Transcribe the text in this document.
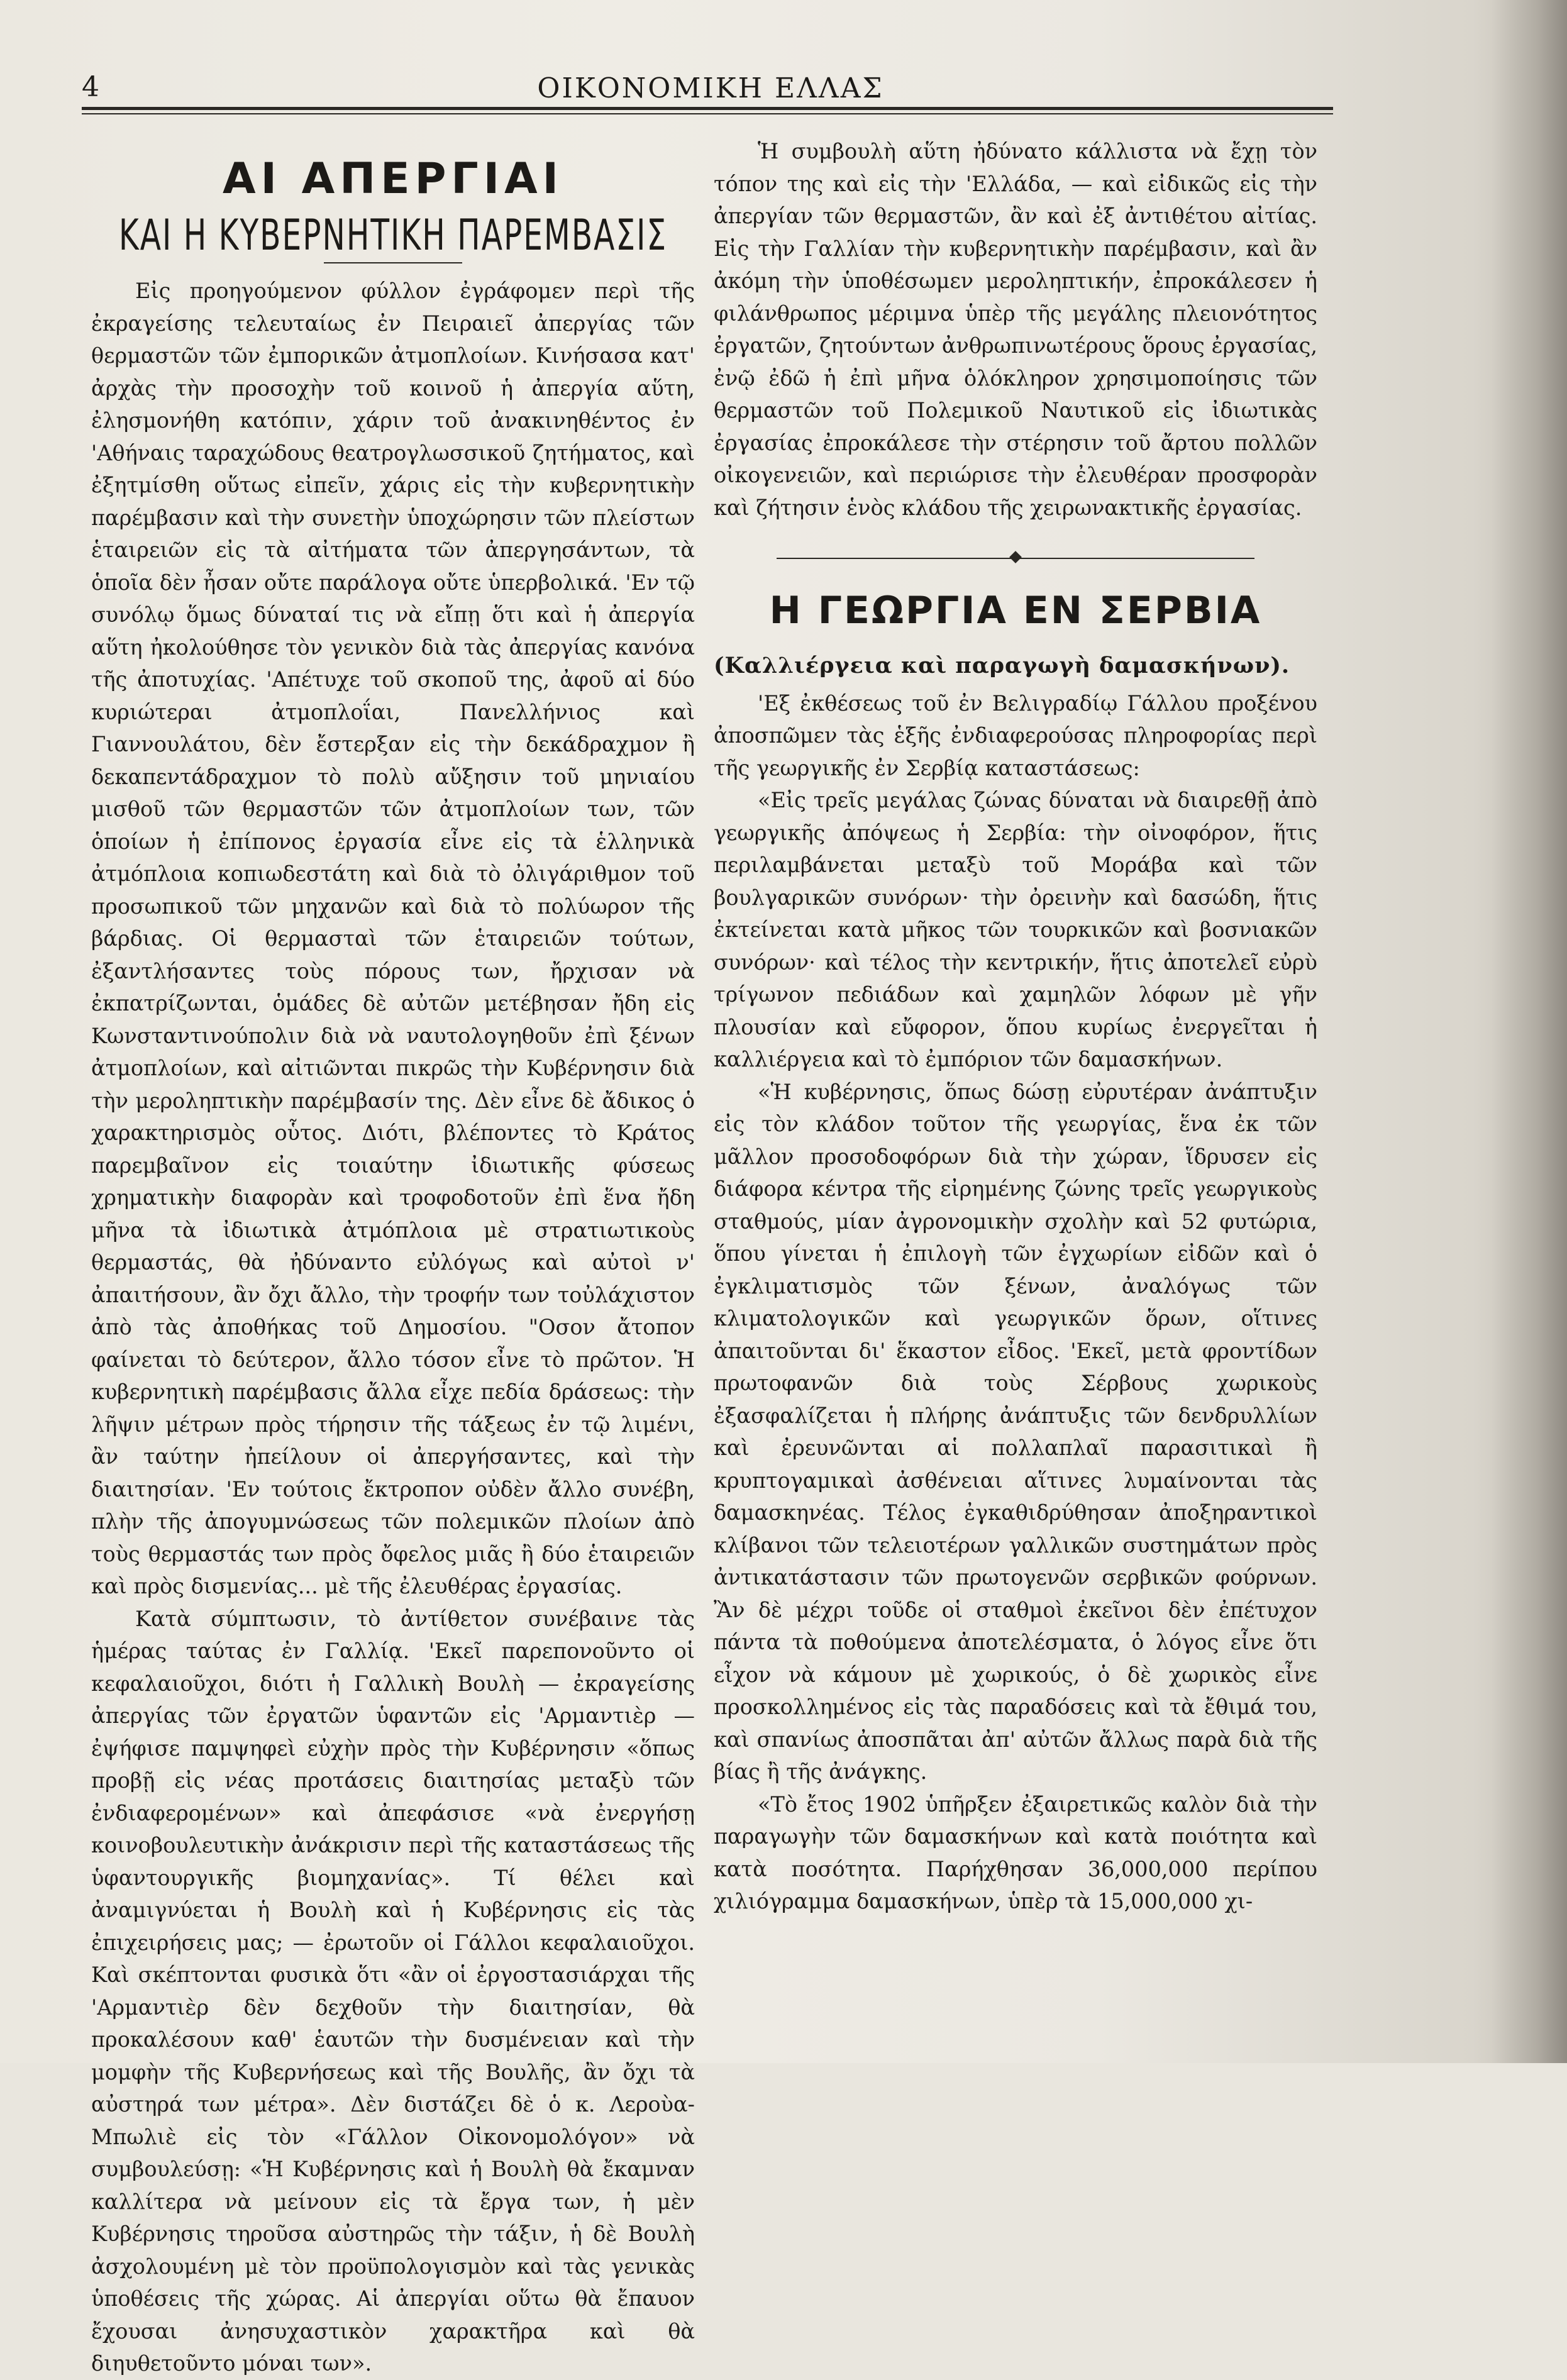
4	ΟΙΚΟΝΟΜΙΚΗ ΕΛΛΑΣ
ΑΙ ΑΠΕΡΓΙΑΙ
ΚΑΙ Η ΚΥΒΕΡΝΗΤΙΚΗ ΠΑΡΕΜΒΑΣΙΣ

Εἰς προηγούμενον φύλλον ἐγράφομεν περὶ τῆς ἐκραγείσης τελευταίως ἐν Πειραιεῖ ἀπεργίας τῶν θερμαστῶν τῶν ἐμπορικῶν ἀτμοπλοίων. Κινήσασα κατ' ἀρχὰς τὴν προσοχὴν τοῦ κοινοῦ ἡ ἀπεργία αὕτη, ἐλησμονήθη κατόπιν, χάριν τοῦ ἀνακινηθέντος ἐν 'Αθήναις ταραχώδους θεατρογλωσσικοῦ ζητήματος, καὶ ἐξητμίσθη οὕτως εἰπεῖν, χάρις εἰς τὴν κυβερνητικὴν παρέμβασιν καὶ τὴν συνετὴν ὑποχώρησιν τῶν πλείστων ἑταιρειῶν εἰς τὰ αἰτήματα τῶν ἀπεργησάντων, τὰ ὁποῖα δὲν ἦσαν οὔτε παράλογα οὔτε ὑπερβολικά. 'Εν τῷ συνόλῳ ὅμως δύναταί τις νὰ εἴπῃ ὅτι καὶ ἡ ἀπεργία αὕτη ἠκολούθησε τὸν γενικὸν διὰ τὰς ἀπεργίας κανόνα τῆς ἀποτυχίας. 'Απέτυχε τοῦ σκοποῦ της, ἀφοῦ αἱ δύο κυριώτεραι ἀτμοπλοΐαι, Πανελλήνιος καὶ Γιαννουλάτου, δὲν ἔστερξαν εἰς τὴν δεκάδραχμον ἢ δεκαπεντάδραχμον τὸ πολὺ αὔξησιν τοῦ μηνιαίου μισθοῦ τῶν θερμαστῶν τῶν ἀτμοπλοίων των, τῶν ὁποίων ἡ ἐπίπονος ἐργασία εἶνε εἰς τὰ ἑλληνικὰ ἀτμόπλοια κοπιωδεστάτη καὶ διὰ τὸ ὀλιγάριθμον τοῦ προσωπικοῦ τῶν μηχανῶν καὶ διὰ τὸ πολύωρον τῆς βάρδιας. Οἱ θερμασταὶ τῶν ἑταιρειῶν τούτων, ἐξαντλήσαντες τοὺς πόρους των, ἤρχισαν νὰ ἐκπατρίζωνται, ὁμάδες δὲ αὐτῶν μετέβησαν ἤδη εἰς Κωνσταντινούπολιν διὰ νὰ ναυτολογηθοῦν ἐπὶ ξένων ἀτμοπλοίων, καὶ αἰτιῶνται πικρῶς τὴν Κυβέρνησιν διὰ τὴν μεροληπτικὴν παρέμβασίν της. Δὲν εἶνε δὲ ἄδικος ὁ χαρακτηρισμὸς οὗτος. Διότι, βλέποντες τὸ Κράτος παρεμβαῖνον εἰς τοιαύτην ἰδιωτικῆς φύσεως χρηματικὴν διαφορὰν καὶ τροφοδοτοῦν ἐπὶ ἕνα ἤδη μῆνα τὰ ἰδιωτικὰ ἀτμόπλοια μὲ στρατιωτικοὺς θερμαστάς, θὰ ἠδύναντο εὐλόγως καὶ αὐτοὶ ν' ἀπαιτήσουν, ἂν ὄχι ἄλλο, τὴν τροφήν των τοὐλάχιστον ἀπὸ τὰς ἀποθήκας τοῦ Δημοσίου. "Οσον ἄτοπον φαίνεται τὸ δεύτερον, ἄλλο τόσον εἶνε τὸ πρῶτον. Ἡ κυβερνητικὴ παρέμβασις ἄλλα εἶχε πεδία δράσεως: τὴν λῆψιν μέτρων πρὸς τήρησιν τῆς τάξεως ἐν τῷ λιμένι, ἂν ταύτην ἠπείλουν οἱ ἀπεργήσαντες, καὶ τὴν διαιτησίαν. 'Εν τούτοις ἔκτροπον οὐδὲν ἄλλο συνέβη, πλὴν τῆς ἀπογυμνώσεως τῶν πολεμικῶν πλοίων ἀπὸ τοὺς θερμαστάς των πρὸς ὄφελος μιᾶς ἢ δύο ἑταιρειῶν καὶ πρὸς δισμενίας... μὲ τῆς ἐλευθέρας ἐργασίας.

Κατὰ σύμπτωσιν, τὸ ἀντίθετον συνέβαινε τὰς ἡμέρας ταύτας ἐν Γαλλίᾳ. 'Εκεῖ παρεπονοῦντο οἱ κεφαλαιοῦχοι, διότι ἡ Γαλλικὴ Βουλὴ — ἐκραγείσης ἀπεργίας τῶν ἐργατῶν ὑφαντῶν εἰς 'Αρμαντιὲρ — ἐψήφισε παμψηφεὶ εὐχὴν πρὸς τὴν Κυβέρνησιν «ὅπως προβῇ εἰς νέας προτάσεις διαιτησίας μεταξὺ τῶν ἐνδιαφερομένων» καὶ ἀπεφάσισε «νὰ ἐνεργήσῃ κοινοβουλευτικὴν ἀνάκρισιν περὶ τῆς καταστάσεως τῆς ὑφαντουργικῆς βιομηχανίας». Τί θέλει καὶ ἀναμιγνύεται ἡ Βουλὴ καὶ ἡ Κυβέρνησις εἰς τὰς ἐπιχειρήσεις μας; — ἐρωτοῦν οἱ Γάλλοι κεφαλαιοῦχοι. Καὶ σκέπτονται φυσικὰ ὅτι «ἂν οἱ ἐργοστασιάρχαι τῆς 'Αρμαντιὲρ δὲν δεχθοῦν τὴν διαιτησίαν, θὰ προκαλέσουν καθ' ἑαυτῶν τὴν δυσμένειαν καὶ τὴν μομφὴν τῆς Κυβερνήσεως καὶ τῆς Βουλῆς, ἂν ὄχι τὰ αὐστηρά των μέτρα». Δὲν διστάζει δὲ ὁ κ. Λεροὺα-Μπωλιὲ εἰς τὸν «Γάλλον Οἰκονομολόγον» νὰ συμβουλεύσῃ: «Ἡ Κυβέρνησις καὶ ἡ Βουλὴ θὰ ἔκαμναν καλλίτερα νὰ μείνουν εἰς τὰ ἔργα των, ἡ μὲν Κυβέρνησις τηροῦσα αὐστηρῶς τὴν τάξιν, ἡ δὲ Βουλὴ ἀσχολουμένη μὲ τὸν προϋπολογισμὸν καὶ τὰς γενικὰς ὑποθέσεις τῆς χώρας. Αἱ ἀπεργίαι οὕτω θὰ ἔπαυον ἔχουσαι ἀνησυχαστικὸν χαρακτῆρα καὶ θὰ διηυθετοῦντο μόναι των».

Ἡ συμβουλὴ αὕτη ἠδύνατο κάλλιστα νὰ ἔχῃ τὸν τόπον της καὶ εἰς τὴν 'Ελλάδα, — καὶ εἰδικῶς εἰς τὴν ἀπεργίαν τῶν θερμαστῶν, ἂν καὶ ἐξ ἀντιθέτου αἰτίας. Εἰς τὴν Γαλλίαν τὴν κυβερνητικὴν παρέμβασιν, καὶ ἂν ἀκόμη τὴν ὑποθέσωμεν μεροληπτικήν, ἐπροκάλεσεν ἡ φιλάνθρωπος μέριμνα ὑπὲρ τῆς μεγάλης πλειονότητος ἐργατῶν, ζητούντων ἀνθρωπινωτέρους ὅρους ἐργασίας, ἐνῷ ἐδῶ ἡ ἐπὶ μῆνα ὁλόκληρον χρησιμοποίησις τῶν θερμαστῶν τοῦ Πολεμικοῦ Ναυτικοῦ εἰς ἰδιωτικὰς ἐργασίας ἐπροκάλεσε τὴν στέρησιν τοῦ ἄρτου πολλῶν οἰκογενειῶν, καὶ περιώρισε τὴν ἐλευθέραν προσφορὰν καὶ ζήτησιν ἑνὸς κλάδου τῆς χειρωνακτικῆς ἐργασίας.

Η ΓΕΩΡΓΙΑ ΕΝ ΣΕΡΒΙΑ
(Καλλιέργεια καὶ παραγωγὴ δαμασκήνων).

'Εξ ἐκθέσεως τοῦ ἐν Βελιγραδίῳ Γάλλου προξένου ἀποσπῶμεν τὰς ἑξῆς ἐνδιαφερούσας πληροφορίας περὶ τῆς γεωργικῆς ἐν Σερβίᾳ καταστάσεως:

«Εἰς τρεῖς μεγάλας ζώνας δύναται νὰ διαιρεθῇ ἀπὸ γεωργικῆς ἀπόψεως ἡ Σερβία: τὴν οἰνοφόρον, ἥτις περιλαμβάνεται μεταξὺ τοῦ Μοράβα καὶ τῶν βουλγαρικῶν συνόρων· τὴν ὀρεινὴν καὶ δασώδη, ἥτις ἐκτείνεται κατὰ μῆκος τῶν τουρκικῶν καὶ βοσνιακῶν συνόρων· καὶ τέλος τὴν κεντρικήν, ἥτις ἀποτελεῖ εὐρὺ τρίγωνον πεδιάδων καὶ χαμηλῶν λόφων μὲ γῆν πλουσίαν καὶ εὔφορον, ὅπου κυρίως ἐνεργεῖται ἡ καλλιέργεια καὶ τὸ ἐμπόριον τῶν δαμασκήνων.

«Ἡ κυβέρνησις, ὅπως δώσῃ εὐρυτέραν ἀνάπτυξιν εἰς τὸν κλάδον τοῦτον τῆς γεωργίας, ἕνα ἐκ τῶν μᾶλλον προσοδοφόρων διὰ τὴν χώραν, ἵδρυσεν εἰς διάφορα κέντρα τῆς εἰρημένης ζώνης τρεῖς γεωργικοὺς σταθμούς, μίαν ἀγρονομικὴν σχολὴν καὶ 52 φυτώρια, ὅπου γίνεται ἡ ἐπιλογὴ τῶν ἐγχωρίων εἰδῶν καὶ ὁ ἐγκλιματισμὸς τῶν ξένων, ἀναλόγως τῶν κλιματολογικῶν καὶ γεωργικῶν ὅρων, οἵτινες ἀπαιτοῦνται δι' ἕκαστον εἶδος. 'Εκεῖ, μετὰ φροντίδων πρωτοφανῶν διὰ τοὺς Σέρβους χωρικοὺς ἐξασφαλίζεται ἡ πλήρης ἀνάπτυξις τῶν δενδρυλλίων καὶ ἐρευνῶνται αἱ πολλαπλαῖ παρασιτικαὶ ἢ κρυπτογαμικαὶ ἀσθένειαι αἵτινες λυμαίνονται τὰς δαμασκηνέας. Τέλος ἐγκαθιδρύθησαν ἀποξηραντικοὶ κλίβανοι τῶν τελειοτέρων γαλλικῶν συστημάτων πρὸς ἀντικατάστασιν τῶν πρωτογενῶν σερβικῶν φούρνων. Ἂν δὲ μέχρι τοῦδε οἱ σταθμοὶ ἐκεῖνοι δὲν ἐπέτυχον πάντα τὰ ποθούμενα ἀποτελέσματα, ὁ λόγος εἶνε ὅτι εἶχον νὰ κάμουν μὲ χωρικούς, ὁ δὲ χωρικὸς εἶνε προσκολλημένος εἰς τὰς παραδόσεις καὶ τὰ ἔθιμά του, καὶ σπανίως ἀποσπᾶται ἀπ' αὐτῶν ἄλλως παρὰ διὰ τῆς βίας ἢ τῆς ἀνάγκης.

«Τὸ ἔτος 1902 ὑπῆρξεν ἐξαιρετικῶς καλὸν διὰ τὴν παραγωγὴν τῶν δαμασκήνων καὶ κατὰ ποιότητα καὶ κατὰ ποσότητα. Παρήχθησαν 36,000,000 περίπου χιλιόγραμμα δαμασκήνων, ὑπὲρ τὰ 15,000,000 χι-
